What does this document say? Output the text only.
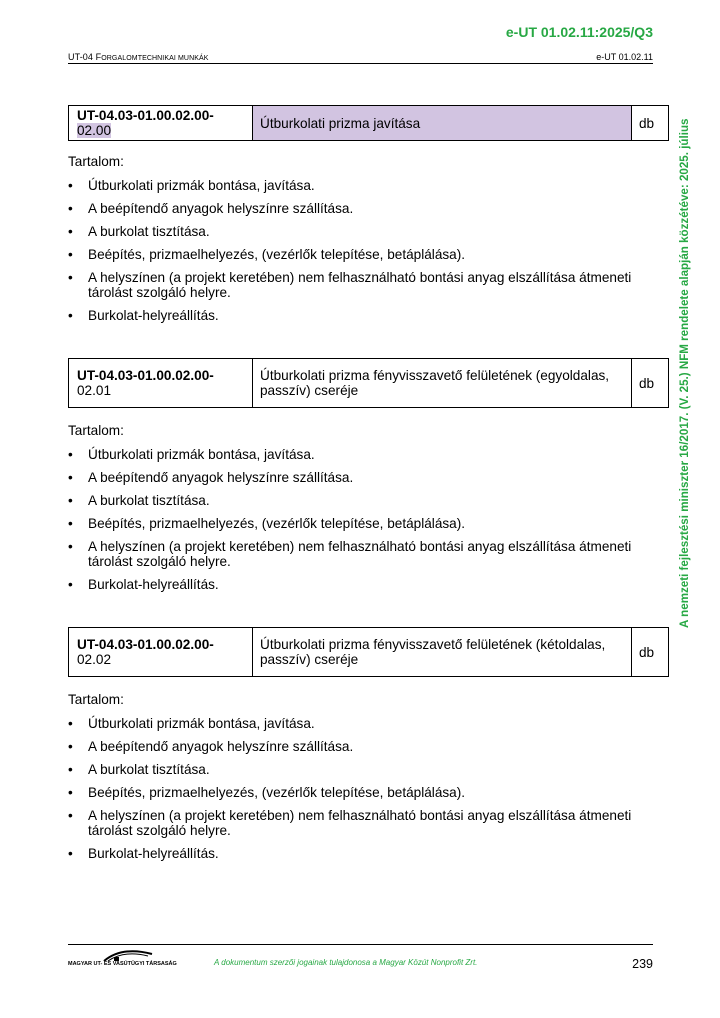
e-UT 01.02.11:2025/Q3
UT-04 FORGALOMTECHNIKAI MUNKÁK	e-UT 01.02.11
A nemzeti fejlesztési miniszter 16/2017. (V. 25.) NFM rendelete alapján közzétéve: 2025. július
UT-04.03-01.00.02.00-02.00	Útburkolati prizma javítása	db

Tartalom:

• Útburkolati prizmák bontása, javítása.
• A beépítendő anyagok helyszínre szállítása.
• A burkolat tisztítása.
• Beépítés, prizmaelhelyezés, (vezérlők telepítése, betáplálása).
• A helyszínen (a projekt keretében) nem felhasználható bontási anyag elszállítása átmeneti tárolást szolgáló helyre.
• Burkolat-helyreállítás.
UT-04.03-01.00.02.00-02.01	Útburkolati prizma fényvisszavető felületének (egyoldalas, passzív) cseréje	db

Tartalom:

• Útburkolati prizmák bontása, javítása.
• A beépítendő anyagok helyszínre szállítása.
• A burkolat tisztítása.
• Beépítés, prizmaelhelyezés, (vezérlők telepítése, betáplálása).
• A helyszínen (a projekt keretében) nem felhasználható bontási anyag elszállítása átmeneti tárolást szolgáló helyre.
• Burkolat-helyreállítás.
UT-04.03-01.00.02.00-02.02	Útburkolati prizma fényvisszavető felületének (kétoldalas, passzív) cseréje	db

Tartalom:

• Útburkolati prizmák bontása, javítása.
• A beépítendő anyagok helyszínre szállítása.
• A burkolat tisztítása.
• Beépítés, prizmaelhelyezés, (vezérlők telepítése, betáplálása).
• A helyszínen (a projekt keretében) nem felhasználható bontási anyag elszállítása átmeneti tárolást szolgáló helyre.
• Burkolat-helyreállítás.
MAGYAR UT- ÉS VASÚTÜGYI TÁRSASÁG	A dokumentum szerzői jogainak tulajdonosa a Magyar Közút Nonprofit Zrt.	239
